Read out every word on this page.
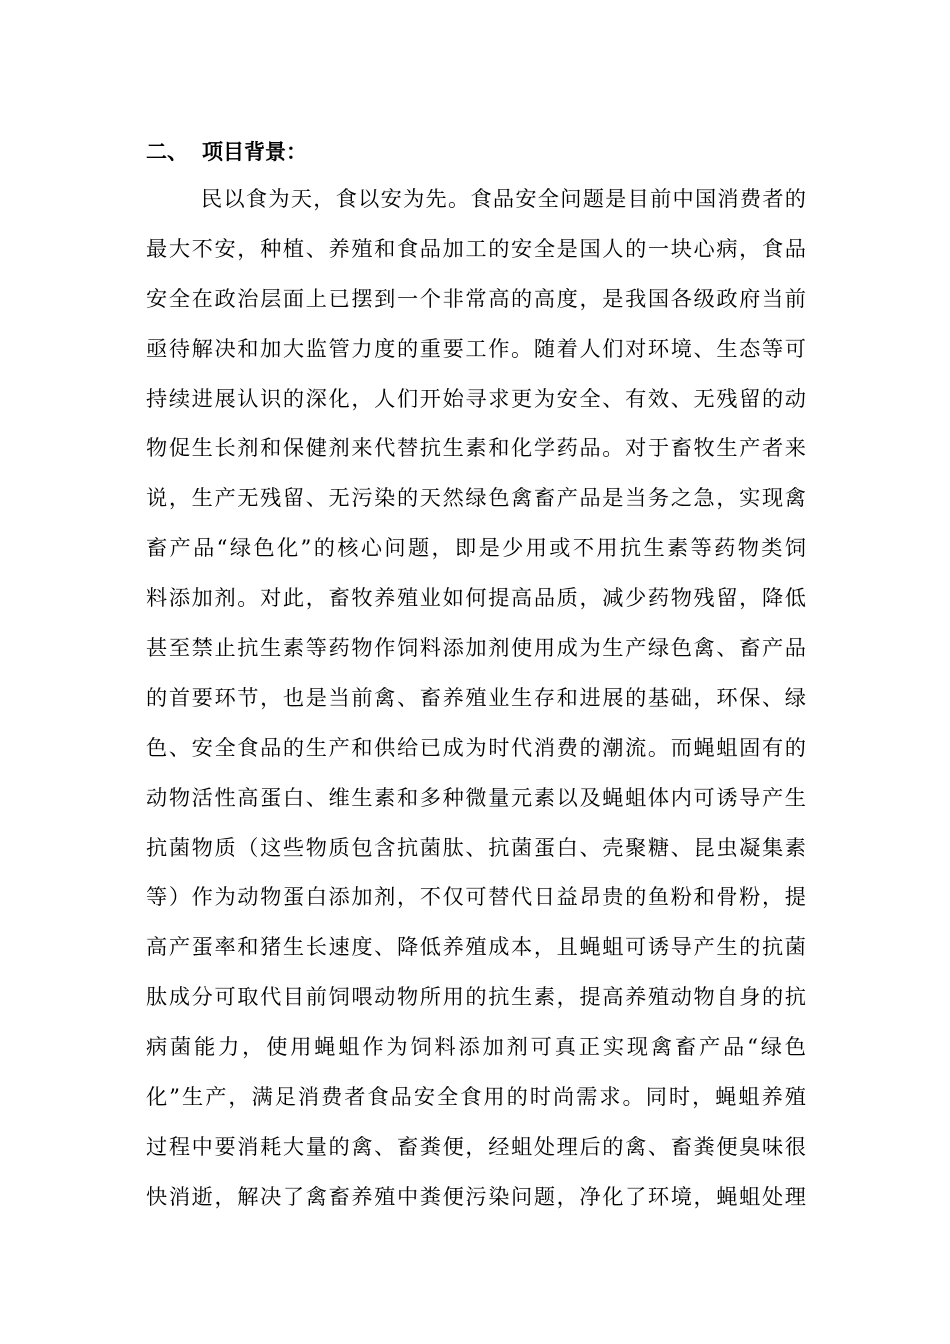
二、 项目背景：
民以食为天，食以安为先。食品安全问题是目前中国消费者的
最大不安，种植、养殖和食品加工的安全是国人的一块心病，食品
安全在政治层面上已摆到一个非常高的高度，是我国各级政府当前
亟待解决和加大监管力度的重要工作。随着人们对环境、生态等可
持续进展认识的深化，人们开始寻求更为安全、有效、无残留的动
物促生长剂和保健剂来代替抗生素和化学药品。对于畜牧生产者来
说，生产无残留、无污染的天然绿色禽畜产品是当务之急，实现禽
畜产品“绿色化”的核心问题，即是少用或不用抗生素等药物类饲
料添加剂。对此，畜牧养殖业如何提高品质，减少药物残留，降低
甚至禁止抗生素等药物作饲料添加剂使用成为生产绿色禽、畜产品
的首要环节，也是当前禽、畜养殖业生存和进展的基础，环保、绿
色、安全食品的生产和供给已成为时代消费的潮流。而蝇蛆固有的
动物活性高蛋白、维生素和多种微量元素以及蝇蛆体内可诱导产生
抗菌物质（这些物质包含抗菌肽、抗菌蛋白、壳聚糖、昆虫凝集素
等）作为动物蛋白添加剂，不仅可替代日益昂贵的鱼粉和骨粉，提
高产蛋率和猪生长速度、降低养殖成本，且蝇蛆可诱导产生的抗菌
肽成分可取代目前饲喂动物所用的抗生素，提高养殖动物自身的抗
病菌能力，使用蝇蛆作为饲料添加剂可真正实现禽畜产品“绿色
化”生产，满足消费者食品安全食用的时尚需求。同时，蝇蛆养殖
过程中要消耗大量的禽、畜粪便，经蛆处理后的禽、畜粪便臭味很
快消逝，解决了禽畜养殖中粪便污染问题，净化了环境，蝇蛆处理
